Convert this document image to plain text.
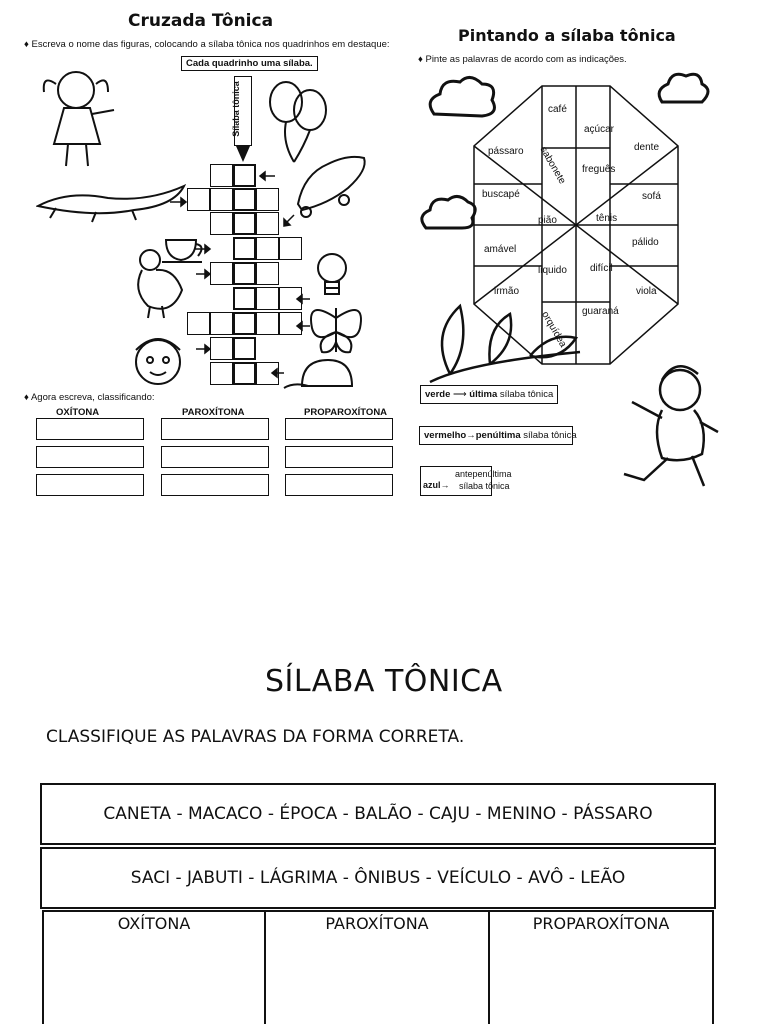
Cruzada Tônica
♦ Escreva o nome das figuras, colocando a sílaba tônica nos quadrinhos em destaque:
Cada quadrinho uma sílaba.
Sílaba tônica
♦ Agora escreva, classificando:
OXÍTONA	PAROXÍTONA	PROPAROXÍTONA
Pintando a sílaba tônica
♦ Pinte as palavras de acordo com as indicações.
café
açúcar
dente
pássaro sabonete freguês
buscapé	sofá
pião	tênis
pálido
amável
liquido difícil
irmão	viola
orquídea guaraná
verde ⟶ última sílaba tônica
vermelho→penúltima sílaba tônica
azul→
antepenúltima
sílaba tônica
SÍLABA TÔNICA
CLASSIFIQUE AS PALAVRAS DA FORMA CORRETA.
CANETA - MACACO - ÉPOCA - BALÃO - CAJU - MENINO - PÁSSARO
SACI - JABUTI - LÁGRIMA - ÔNIBUS - VEÍCULO - AVÔ - LEÃO
OXÍTONA	PAROXÍTONA	PROPAROXÍTONA
